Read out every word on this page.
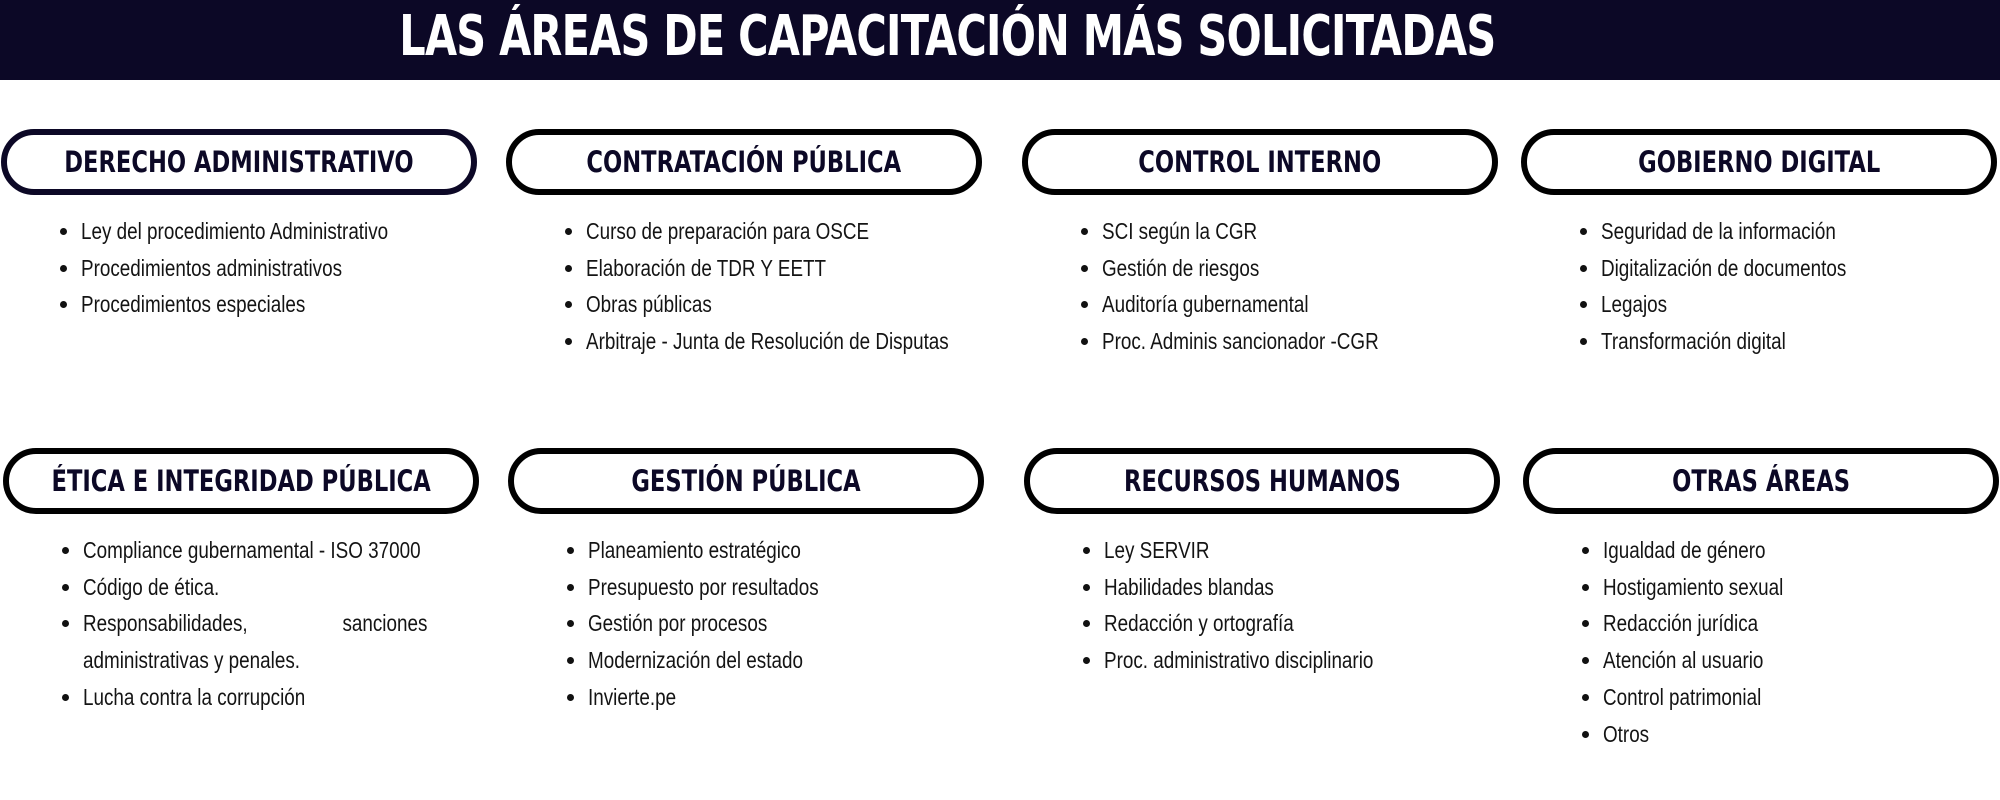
LAS ÁREAS DE CAPACITACIÓN MÁS SOLICITADAS
DERECHO ADMINISTRATIVO
Ley del procedimiento Administrativo
Procedimientos administrativos
Procedimientos especiales
CONTRATACIÓN PÚBLICA
Curso de preparación para OSCE
Elaboración de TDR Y EETT
Obras públicas
Arbitraje - Junta de Resolución de Disputas
CONTROL INTERNO
SCI según la CGR
Gestión de riesgos
Auditoría gubernamental
Proc. Adminis sancionador -CGR
GOBIERNO DIGITAL
Seguridad de la información
Digitalización de documentos
Legajos
Transformación digital
ÉTICA E INTEGRIDAD PÚBLICA
Compliance gubernamental - ISO 37000
Código de ética.
Responsabilidades, sanciones administrativas y penales.
Lucha contra la corrupción
GESTIÓN PÚBLICA
Planeamiento estratégico
Presupuesto por resultados
Gestión por procesos
Modernización del estado
Invierte.pe
RECURSOS HUMANOS
Ley SERVIR
Habilidades blandas
Redacción y ortografía
Proc. administrativo disciplinario
OTRAS ÁREAS
Igualdad de género
Hostigamiento sexual
Redacción jurídica
Atención al usuario
Control patrimonial
Otros
